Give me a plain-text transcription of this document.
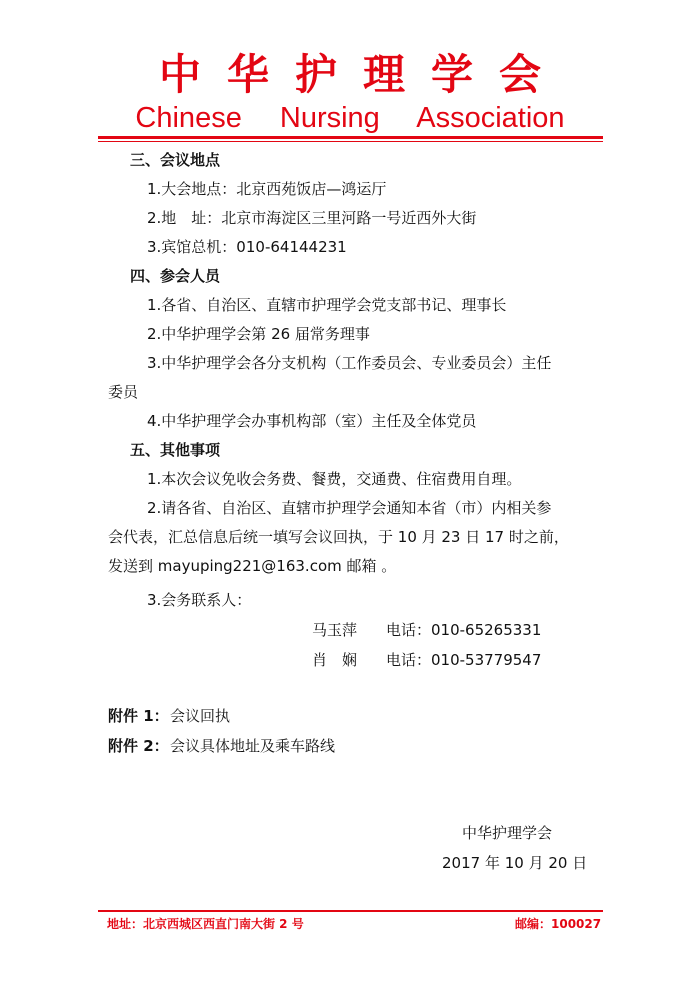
中华护理学会
Chinese Nursing Association
三、会议地点
1.大会地点：北京西苑饭店—鸿运厅
2.地　址：北京市海淀区三里河路一号近西外大街
3.宾馆总机：010-64144231
四、参会人员
1.各省、自治区、直辖市护理学会党支部书记、理事长
2.中华护理学会第 26 届常务理事
3.中华护理学会各分支机构（工作委员会、专业委员会）主任
委员
4.中华护理学会办事机构部（室）主任及全体党员
五、其他事项
1.本次会议免收会务费、餐费，交通费、住宿费用自理。
2.请各省、自治区、直辖市护理学会通知本省（市）内相关参
会代表，汇总信息后统一填写会议回执，于 10 月 23 日 17 时之前，
发送到 mayuping221@163.com 邮箱 。
3.会务联系人：
马玉萍 电话：010-65265331
肖　娴 电话：010-53779547
附件 1： 会议回执
附件 2： 会议具体地址及乘车路线
中华护理学会
2017 年 10 月 20 日
地址：北京西城区西直门南大街 2 号	邮编：100027
